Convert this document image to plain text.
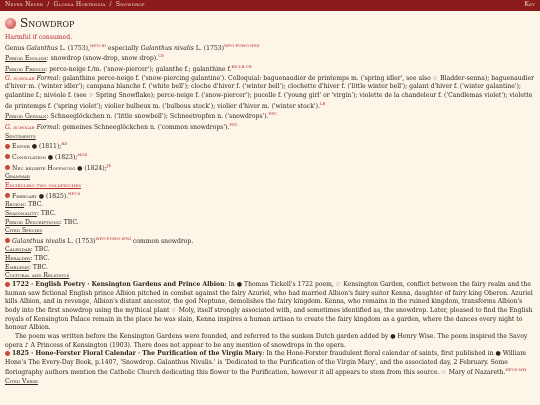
Never Never / Glossa Hortensia / Snowdrop	Key
Snowdrop
Harmful if consumed.
Genus Galanthus L. (1753),$^{WFO\cdot ID}$ especially Galanthus nivalis L. $(1753)^{WFO\cdot POWO\cdot IPNI}$
Period English: snowdrop (snow-drop, snow drop).$^{CE}$
Period French: perce-neige f./m. ('snow-piercer'); galanthe f.; galanthine f.$^{BD\cdot LR\cdot CE}$
G. scholar Formal: galanthine perce-neige f. ('snow-piercing galantine'). Colloquial: baguenaudier de printemps m. ('spring idler', see also ☞ Bladder-senna); baguenaudier d'hiver m. ('winter idler'); campana blanche f. ('white bell'); cloche d'hiver f. ('winter bell'); clochette d'hiver f. ('little winter bell'); galant d'hiver f. ('winter galantine'); galantine f.; nivéole f. (see ☞ Spring Snowflake); perce-neige f. ('snow-piercer'); pucelle f. ('young girl' or 'virgin'); violette de la chandeleur f. ('Candlemas violet'); violette de printemps f. ('spring violet'); violier bulbeux m. ('bulbous stock'); violier d'hiver m. ('winter stock').$^{LR}$
Period German: Schneeglöckchen n. ('little snowbell'); Schneetropfen n. ('snowdrops').$^{PPC}$
G. scholar Formal: gemeines Schneeglöckchen n. ('common snowdrops').$^{PPC}$
Sentiments
Espoir ● (1811);$^{BD}$
Consolation ● (1823);$^{MGS}$
Neu belebte Hoffnung ● (1824);$^{JE}$
Grammar
Encircling two goldfinches
February ● (1825).$^{HFCS}$
Region: TBC.
Seasonality: TBC.
Period Descriptions: TBC.
Cited Species
Galanthus nivalis L. $(1753)^{WFO\cdot POWO\cdot IPNI}$ common snowdrop.
Calendar: TBC.
Heraldry: TBC.
Emblems: TBC.
Cultural and Religious
1722 · English Poetry · Kensington Gardens and Prince Albion: In ● Thomas Tickell's 1722 poem, ☞ Kensington Garden, conflict between the fairy realm and the human saw fictional English prince Albion pitched in combat against the fairy Azuriel, who had married Albion's fairy suitor Kenna, daughter of fairy king Oberon. Azuriel kills Albion, and in revenge, Albion's distant ancestor, the god Neptune, demolishes the fairy kingdom. Kenna, who remains in the ruined kingdom, transforms Albion's body into the first snowdrop using the mythical plant ☞ Moly, itself strongly associated with, and sometimes identified as, the snowdrop. Later, pleased to find the English royals of Kensington Palace remain in the place he was slain, Kenna inspires a human artisan to create the fairy kingdom as a garden, where the dances every night to honour Albion.
The poem was written before the Kensington Gardens were founded, and referred to the sunken Dutch garden added by ● Henry Wise. The poem inspired the Savoy opera ♪ A Princess of Kensington (1903). There does not appear to be any mention of snowdrops in the opera.
1825 · Hone-Forster Floral Calendar · The Purification of the Virgin Mary: In the Hone-Forster fraudulent floral calendar of saints, first published in ● William Hone's The Every-Day Book, p.1407, 'Snowdrop. Galanthus Nivalis.' is 'Dedicated to the Purification of the Virgin Mary', and the associated day, 2 February. Some floriography authors mention the Catholic Church dedicating this flower to the Purification, however it all appears to stem from this source. ☞ Mary of Nazareth.$^{HFCS\cdot WH}$
Cited Verse
